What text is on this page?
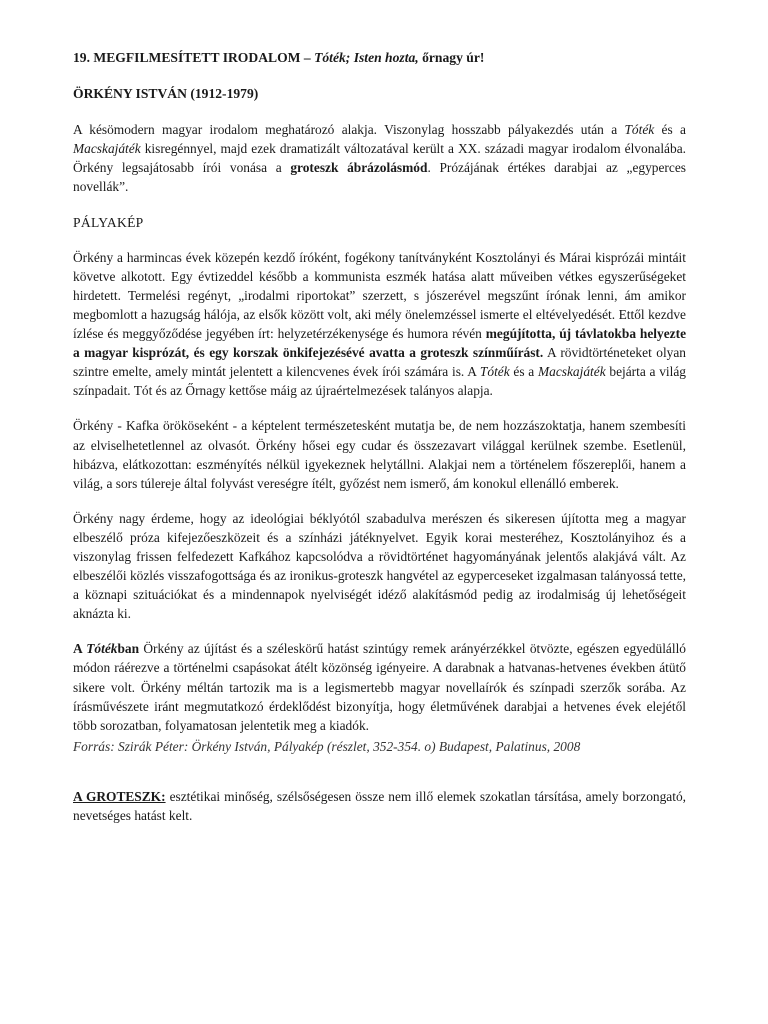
19. MEGFILMESÍTETT IRODALOM – Tóték; Isten hozta, őrnagy úr!
ÖRKÉNY ISTVÁN (1912-1979)

A késömodern magyar irodalom meghatározó alakja. Viszonylag hosszabb pályakezdés után a Tóték és a Macskajáték kisregénnyel, majd ezek dramatizált változatával került a XX. századi magyar irodalom élvonalába. Örkény legsajátosabb írói vonása a groteszk ábrázolásmód. Prózájának értékes darabjai az „egyperces novellák”.

PÁLYAKÉP

Örkény a harmincas évek közepén kezdő íróként, fogékony tanítványként Kosztolányi és Márai kisprózái mintáit követve alkotott. Egy évtizeddel később a kommunista eszmék hatása alatt műveiben vétkes egyszerűségeket hirdetett. Termelési regényt, „irodalmi riportokat” szerzett, s jószerével megszűnt írónak lenni, ám amikor megbomlott a hazugság hálója, az elsők között volt, aki mély önelemzéssel ismerte el eltévelyedését. Ettől kezdve ízlése és meggyőződése jegyében írt: helyzetérzékenysége és humora révén megújította, új távlatokba helyezte a magyar kisprózát, és egy korszak önkifejezésévé avatta a groteszk színműírást. A rövidtörténeteket olyan szintre emelte, amely mintát jelentett a kilencvenes évek írói számára is. A Tóték és a Macskajáték bejárta a világ színpadait. Tót és az Őrnagy kettőse máig az újraértelmezések talányos alapja.

Örkény - Kafka örököseként - a képtelent természetesként mutatja be, de nem hozzászoktatja, hanem szembesíti az elviselhetetlennel az olvasót. Örkény hősei egy cudar és összezavart világgal kerülnek szembe. Esetlenül, hibázva, elátkozottan: eszményítés nélkül igyekeznek helytállni. Alakjai nem a történelem főszereplői, hanem a világ, a sors túlereje által folyvást vereségre ítélt, győzést nem ismerő, ám konokul ellenálló emberek.

Örkény nagy érdeme, hogy az ideológiai béklyótól szabadulva merészen és sikeresen újította meg a magyar elbeszélő próza kifejezőeszközeit és a színházi játéknyelvet. Egyik korai mesteréhez, Kosztolányihoz és a viszonylag frissen felfedezett Kafkához kapcsolódva a rövidtörténet hagyományának jelentős alakjává vált. Az elbeszélői közlés visszafogottsága és az ironikus-groteszk hangvétel az egyperceseket izgalmasan talányossá tette, a köznapi szituációkat és a mindennapok nyelviségét idéző alakításmód pedig az irodalmiság új lehetőségeit aknázta ki.

A Tótékban Örkény az újítást és a széleskörű hatást szintúgy remek arányérzékkel ötvözte, egészen egyedülálló módon ráérezve a történelmi csapásokat átélt közönség igényeire. A darabnak a hatvanas-hetvenes években átütő sikere volt. Örkény méltán tartozik ma is a legismertebb magyar novellaírók és színpadi szerzők sorába. Az írásművészete iránt megmutatkozó érdeklődést bizonyítja, hogy életművének darabjai a hetvenes évek elejétől több sorozatban, folyamatosan jelentetik meg a kiadók.

Forrás: Szirák Péter: Örkény István, Pályakép (részlet, 352-354. o) Budapest, Palatinus, 2008

A GROTESZK: esztétikai minőség, szélsőségesen össze nem illő elemek szokatlan társítása, amely borzongató, nevetséges hatást kelt.
